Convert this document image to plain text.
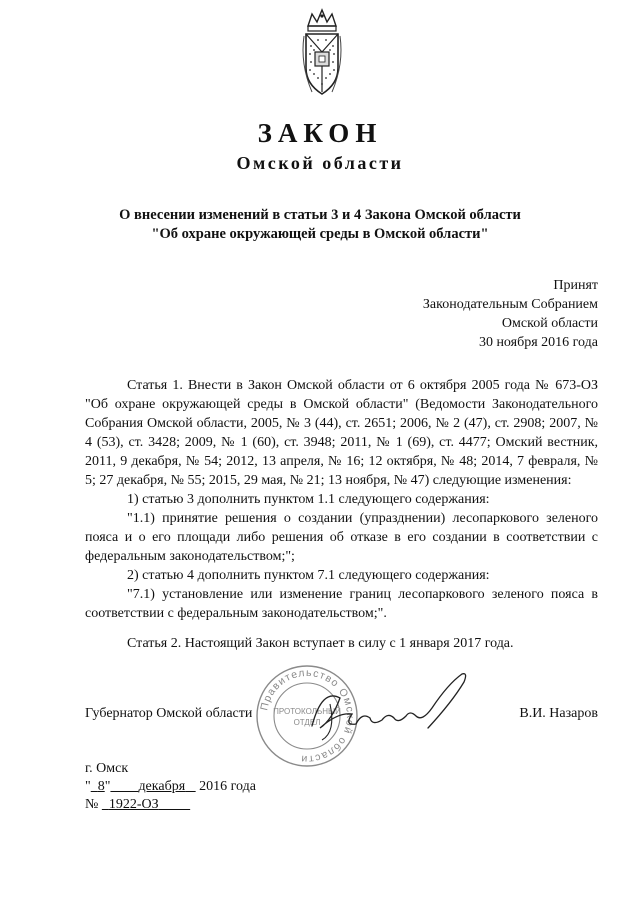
ЗАКОН
Омской области
О внесении изменений в статьи 3 и 4 Закона Омской области
"Об охране окружающей среды в Омской области"
Принят
Законодательным Собранием
Омской области
30 ноября 2016 года

Статья 1. Внести в Закон Омской области от 6 октября 2005 года № 673-ОЗ "Об охране окружающей среды в Омской области" (Ведомости Законодательного Собрания Омской области, 2005, № 3 (44), ст. 2651; 2006, № 2 (47), ст. 2908; 2007, № 4 (53), ст. 3428; 2009, № 1 (60), ст. 3948; 2011, № 1 (69), ст. 4477; Омский вестник, 2011, 9 декабря, № 54; 2012, 13 апреля, № 16; 12 октября, № 48; 2014, 7 февраля, № 5; 27 декабря, № 55; 2015, 29 мая, № 21; 13 ноября, № 47) следующие изменения:

1) статью 3 дополнить пунктом 1.1 следующего содержания:

"1.1) принятие решения о создании (упразднении) лесопаркового зеленого пояса и о его площади либо решения об отказе в его создании в соответствии с федеральным законодательством;";

2) статью 4 дополнить пунктом 7.1 следующего содержания:

"7.1) установление или изменение границ лесопаркового зеленого пояса в соответствии с федеральным законодательством;".

Статья 2. Настоящий Закон вступает в силу с 1 января 2017 года.
Губернатор Омской области	В.И. Назаров
Правительство Омской области
ПРОТОКОЛЬНЫЙ
ОТДЕЛ
г. Омск
" 8" декабря 2016 года
№ 1922-ОЗ
